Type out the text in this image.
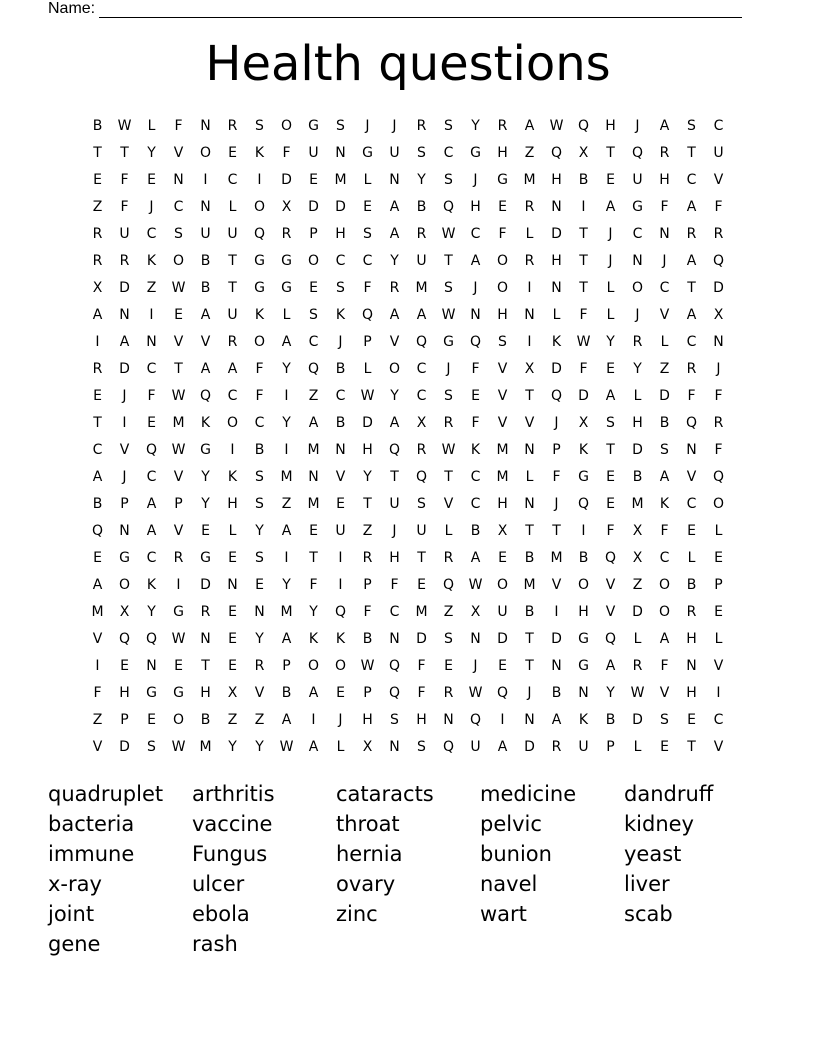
Name:
Health questions
B	W	L	F	N	R	S	O	G	S	J	J	R	S	Y	R	A	W	Q	H	J	A	S	C
T	T	Y	V	O	E	K	F	U	N	G	U	S	C	G	H	Z	Q	X	T	Q	R	T	U
E	F	E	N	I	C	I	D	E	M	L	N	Y	S	J	G	M	H	B	E	U	H	C	V
Z	F	J	C	N	L	O	X	D	D	E	A	B	Q	H	E	R	N	I	A	G	F	A	F
R	U	C	S	U	U	Q	R	P	H	S	A	R	W	C	F	L	D	T	J	C	N	R	R
R	R	K	O	B	T	G	G	O	C	C	Y	U	T	A	O	R	H	T	J	N	J	A	Q
X	D	Z	W	B	T	G	G	E	S	F	R	M	S	J	O	I	N	T	L	O	C	T	D
A	N	I	E	A	U	K	L	S	K	Q	A	A	W	N	H	N	L	F	L	J	V	A	X
I	A	N	V	V	R	O	A	C	J	P	V	Q	G	Q	S	I	K	W	Y	R	L	C	N
R	D	C	T	A	A	F	Y	Q	B	L	O	C	J	F	V	X	D	F	E	Y	Z	R	J
E	J	F	W	Q	C	F	I	Z	C	W	Y	C	S	E	V	T	Q	D	A	L	D	F	F
T	I	E	M	K	O	C	Y	A	B	D	A	X	R	F	V	V	J	X	S	H	B	Q	R
C	V	Q	W	G	I	B	I	M	N	H	Q	R	W	K	M	N	P	K	T	D	S	N	F
A	J	C	V	Y	K	S	M	N	V	Y	T	Q	T	C	M	L	F	G	E	B	A	V	Q
B	P	A	P	Y	H	S	Z	M	E	T	U	S	V	C	H	N	J	Q	E	M	K	C	O
Q	N	A	V	E	L	Y	A	E	U	Z	J	U	L	B	X	T	T	I	F	X	F	E	L
E	G	C	R	G	E	S	I	T	I	R	H	T	R	A	E	B	M	B	Q	X	C	L	E
A	O	K	I	D	N	E	Y	F	I	P	F	E	Q	W	O	M	V	O	V	Z	O	B	P
M	X	Y	G	R	E	N	M	Y	Q	F	C	M	Z	X	U	B	I	H	V	D	O	R	E
V	Q	Q	W	N	E	Y	A	K	K	B	N	D	S	N	D	T	D	G	Q	L	A	H	L
I	E	N	E	T	E	R	P	O	O	W	Q	F	E	J	E	T	N	G	A	R	F	N	V
F	H	G	G	H	X	V	B	A	E	P	Q	F	R	W	Q	J	B	N	Y	W	V	H	I
Z	P	E	O	B	Z	Z	A	I	J	H	S	H	N	Q	I	N	A	K	B	D	S	E	C
V	D	S	W	M	Y	Y	W	A	L	X	N	S	Q	U	A	D	R	U	P	L	E	T	V
quadruplet	arthritis	cataracts	medicine	dandruff
bacteria	vaccine	throat	pelvic	kidney
immune	Fungus	hernia	bunion	yeast
x-ray	ulcer	ovary	navel	liver
joint	ebola	zinc	wart	scab
gene	rash
